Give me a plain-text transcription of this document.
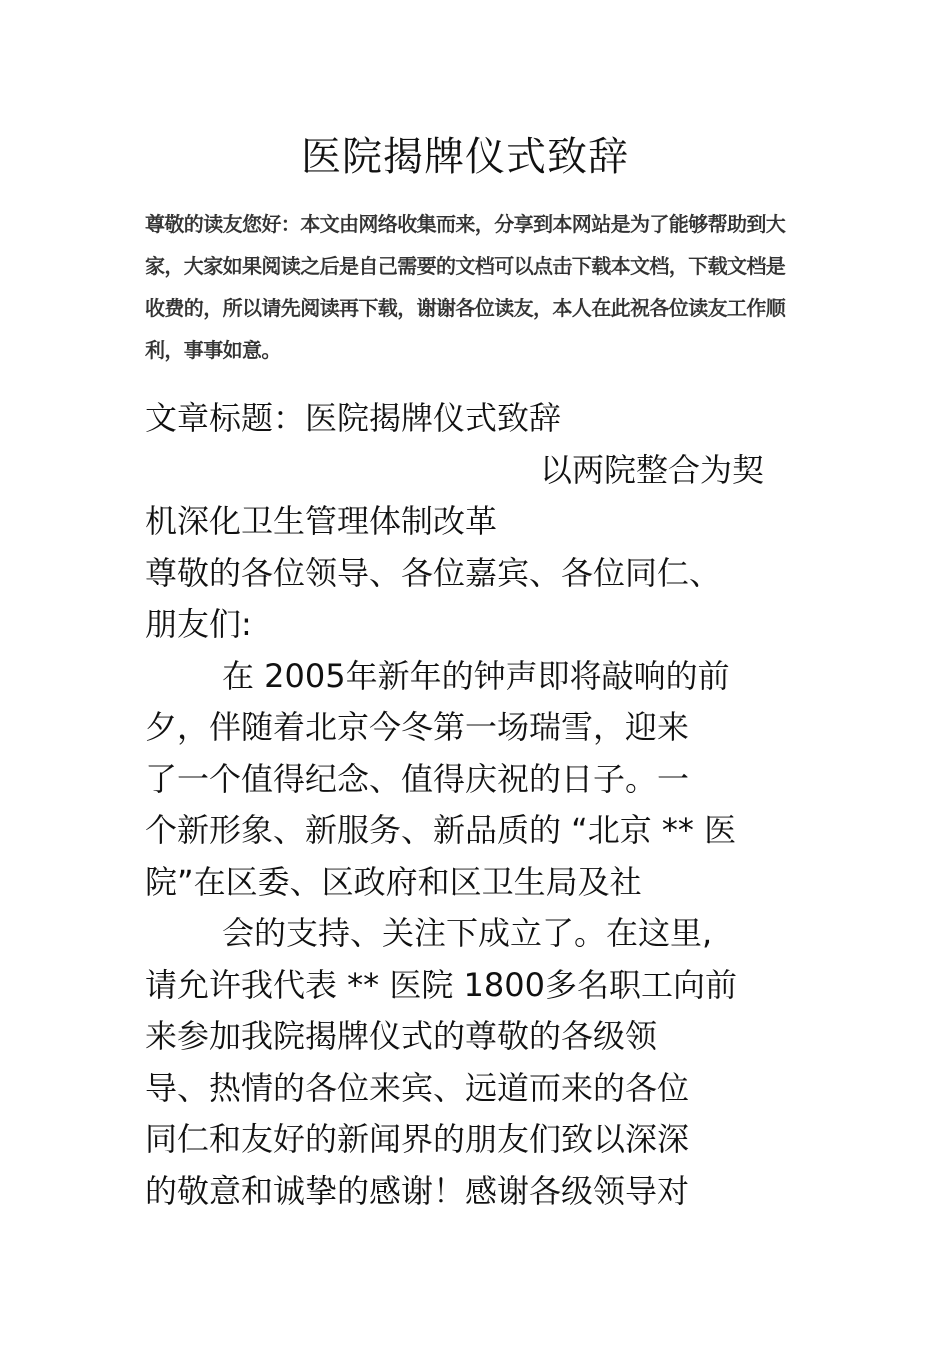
医院揭牌仪式致辞
尊敬的读友您好：本文由网络收集而来，分享到本网站是为了能够帮助到大
家，大家如果阅读之后是自己需要的文档可以点击下载本文档，下载文档是
收费的，所以请先阅读再下载，谢谢各位读友，本人在此祝各位读友工作顺
利，事事如意。
文章标题：医院揭牌仪式致辞
以两院整合为契
机深化卫生管理体制改革
尊敬的各位领导、各位嘉宾、各位同仁、
朋友们:
在 2005年新年的钟声即将敲响的前
夕，伴随着北京今冬第一场瑞雪，迎来
了一个值得纪念、值得庆祝的日子。一
个新形象、新服务、新品质的 “北京 ** 医
院”在区委、区政府和区卫生局及社
会的支持、关注下成立了。在这里,
请允许我代表 ** 医院 1800多名职工向前
来参加我院揭牌仪式的尊敬的各级领
导、热情的各位来宾、远道而来的各位
同仁和友好的新闻界的朋友们致以深深
的敬意和诚挚的感谢！感谢各级领导对
